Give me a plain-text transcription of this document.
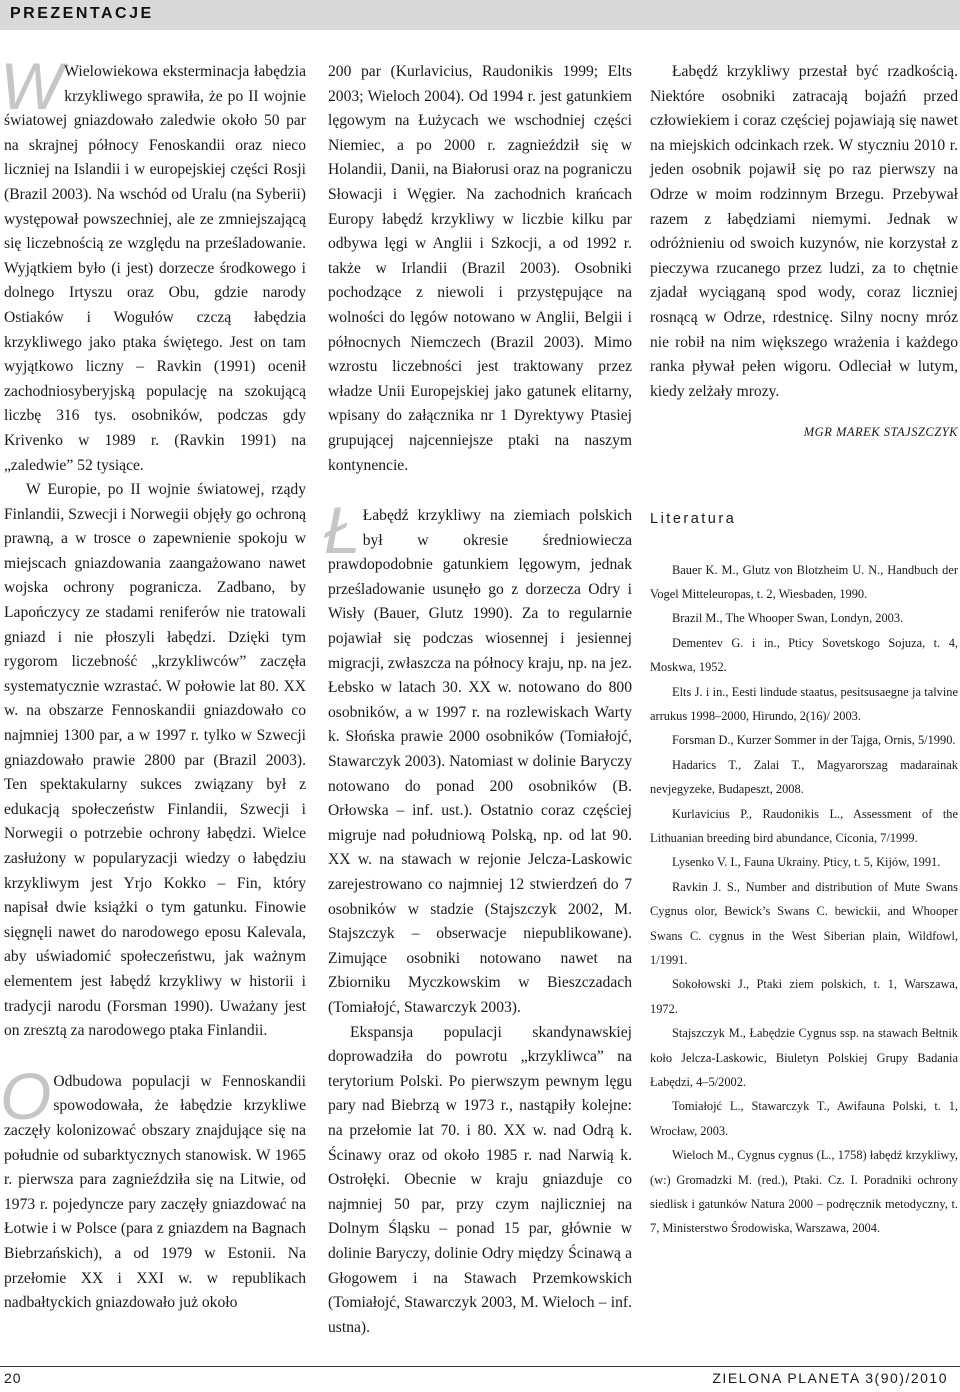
PREZENTACJE

W Wielowiekowa eksterminacja łabędzia krzykliwego sprawiła, że po II wojnie światowej gniazdowało zaledwie około 50 par na skrajnej północy Fenoskandii oraz nieco liczniej na Islandii i w europejskiej części Rosji (Brazil 2003). Na wschód od Uralu (na Syberii) występował powszechniej, ale ze zmniejszającą się liczebnością ze względu na prześladowanie. Wyjątkiem było (i jest) dorzecze środkowego i dolnego Irtyszu oraz Obu, gdzie narody Ostiaków i Wogułów czczą łabędzia krzykliwego jako ptaka świętego. Jest on tam wyjątkowo liczny – Ravkin (1991) ocenił zachodniosyberyjską populację na szokującą liczbę 316 tys. osobników, podczas gdy Krivenko w 1989 r. (Ravkin 1991) na „zaledwie” 52 tysiące.

W Europie, po II wojnie światowej, rządy Finlandii, Szwecji i Norwegii objęły go ochroną prawną, a w trosce o zapewnienie spokoju w miejscach gniazdowania zaangażowano nawet wojska ochrony pogranicza. Zadbano, by Lapończycy ze stadami reniferów nie tratowali gniazd i nie płoszyli łabędzi. Dzięki tym rygorom liczebność „krzykliwców” zaczęła systematycznie wzrastać. W połowie lat 80. XX w. na obszarze Fennoskandii gniazdowało co najmniej 1300 par, a w 1997 r. tylko w Szwecji gniazdowało prawie 2800 par (Brazil 2003). Ten spektakularny sukces związany był z edukacją społeczeństw Finlandii, Szwecji i Norwegii o potrzebie ochrony łabędzi. Wielce zasłużony w popularyzacji wiedzy o łabędziu krzykliwym jest Yrjo Kokko – Fin, który napisał dwie książki o tym gatunku. Finowie sięgnęli nawet do narodowego eposu Kalevala, aby uświadomić społeczeństwu, jak ważnym elementem jest łabędź krzykliwy w historii i tradycji narodu (Forsman 1990). Uważany jest on zresztą za narodowego ptaka Finlandii.

O Odbudowa populacji w Fennoskandii spowodowała, że łabędzie krzykliwe zaczęły kolonizować obszary znajdujące się na południe od subarktycznych stanowisk. W 1965 r. pierwsza para zagnieździła się na Litwie, od 1973 r. pojedyncze pary zaczęły gniazdować na Łotwie i w Polsce (para z gniazdem na Bagnach Biebrzańskich), a od 1979 w Estonii. Na przełomie XX i XXI w. w republikach nadbałtyckich gniazdowało już około

200 par (Kurlavicius, Raudonikis 1999; Elts 2003; Wieloch 2004). Od 1994 r. jest gatunkiem lęgowym na Łużycach we wschodniej części Niemiec, a po 2000 r. zagnieździł się w Holandii, Danii, na Białorusi oraz na pograniczu Słowacji i Węgier. Na zachodnich krańcach Europy łabędź krzykliwy w liczbie kilku par odbywa lęgi w Anglii i Szkocji, a od 1992 r. także w Irlandii (Brazil 2003). Osobniki pochodzące z niewoli i przystępujące na wolności do lęgów notowano w Anglii, Belgii i północnych Niemczech (Brazil 2003). Mimo wzrostu liczebności jest traktowany przez władze Unii Europejskiej jako gatunek elitarny, wpisany do załącznika nr 1 Dyrektywy Ptasiej grupującej najcenniejsze ptaki na naszym kontynencie.

Ł Łabędź krzykliwy na ziemiach polskich był w okresie średniowiecza prawdopodobnie gatunkiem lęgowym, jednak prześladowanie usunęło go z dorzecza Odry i Wisły (Bauer, Glutz 1990). Za to regularnie pojawiał się podczas wiosennej i jesiennej migracji, zwłaszcza na północy kraju, np. na jez. Łebsko w latach 30. XX w. notowano do 800 osobników, a w 1997 r. na rozlewiskach Warty k. Słońska prawie 2000 osobników (Tomiałojć, Stawarczyk 2003). Natomiast w dolinie Baryczy notowano do ponad 200 osobników (B. Orłowska – inf. ust.). Ostatnio coraz częściej migruje nad południową Polską, np. od lat 90. XX w. na stawach w rejonie Jelcza-Laskowic zarejestrowano co najmniej 12 stwierdzeń do 7 osobników w stadzie (Stajszczyk 2002, M. Stajszczyk – obserwacje niepublikowane). Zimujące osobniki notowano nawet na Zbiorniku Myczkowskim w Bieszczadach (Tomiałojć, Stawarczyk 2003).

Ekspansja populacji skandynawskiej doprowadziła do powrotu „krzykliwca” na terytorium Polski. Po pierwszym pewnym lęgu pary nad Biebrzą w 1973 r., nastąpiły kolejne: na przełomie lat 70. i 80. XX w. nad Odrą k. Ścinawy oraz od około 1985 r. nad Narwią k. Ostrołęki. Obecnie w kraju gniazduje co najmniej 50 par, przy czym najliczniej na Dolnym Śląsku – ponad 15 par, głównie w dolinie Baryczy, dolinie Odry między Ścinawą a Głogowem i na Stawach Przemkowskich (Tomiałojć, Stawarczyk 2003, M. Wieloch – inf. ustna).

Łabędź krzykliwy przestał być rzadkością. Niektóre osobniki zatracają bojaźń przed człowiekiem i coraz częściej pojawiają się nawet na miejskich odcinkach rzek. W styczniu 2010 r. jeden osobnik pojawił się po raz pierwszy na Odrze w moim rodzinnym Brzegu. Przebywał razem z łabędziami niemymi. Jednak w odróżnieniu od swoich kuzynów, nie korzystał z pieczywa rzucanego przez ludzi, za to chętnie zjadał wyciąganą spod wody, coraz liczniej rosnącą w Odrze, rdestnicę. Silny nocny mróz nie robił na nim większego wrażenia i każdego ranka pływał pełen wigoru. Odleciał w lutym, kiedy zelżały mrozy.

MGR MAREK STAJSZCZYK
Literatura

Bauer K. M., Glutz von Blotzheim U. N., Handbuch der Vogel Mitteleuropas, t. 2, Wiesbaden, 1990.

Brazil M., The Whooper Swan, Londyn, 2003.

Dementev G. i in., Pticy Sovetskogo Sojuza, t. 4, Moskwa, 1952.

Elts J. i in., Eesti lindude staatus, pesitsusaegne ja talvine arrukus 1998–2000, Hirundo, 2(16)/ 2003.

Forsman D., Kurzer Sommer in der Tajga, Ornis, 5/1990.

Hadarics T., Zalai T., Magyarorszag madarainak nevjegyzeke, Budapeszt, 2008.

Kurlavicius P., Raudonikis L., Assessment of the Lithuanian breeding bird abundance, Ciconia, 7/1999.

Lysenko V. I., Fauna Ukrainy. Pticy, t. 5, Kijów, 1991.

Ravkin J. S., Number and distribution of Mute Swans Cygnus olor, Bewick’s Swans C. bewickii, and Whooper Swans C. cygnus in the West Siberian plain, Wildfowl, 1/1991.

Sokołowski J., Ptaki ziem polskich, t. 1, Warszawa, 1972.

Stajszczyk M., Łabędzie Cygnus ssp. na stawach Bełtnik koło Jelcza-Laskowic, Biuletyn Polskiej Grupy Badania Łabędzi, 4–5/2002.

Tomiałojć L., Stawarczyk T., Awifauna Polski, t. 1, Wrocław, 2003.

Wieloch M., Cygnus cygnus (L., 1758) łabędź krzykliwy, (w:) Gromadzki M. (red.), Ptaki. Cz. I. Poradniki ochrony siedlisk i gatunków Natura 2000 – podręcznik metodyczny, t. 7, Ministerstwo Środowiska, Warszawa, 2004.

20	ZIELONA PLANETA 3(90)/2010
